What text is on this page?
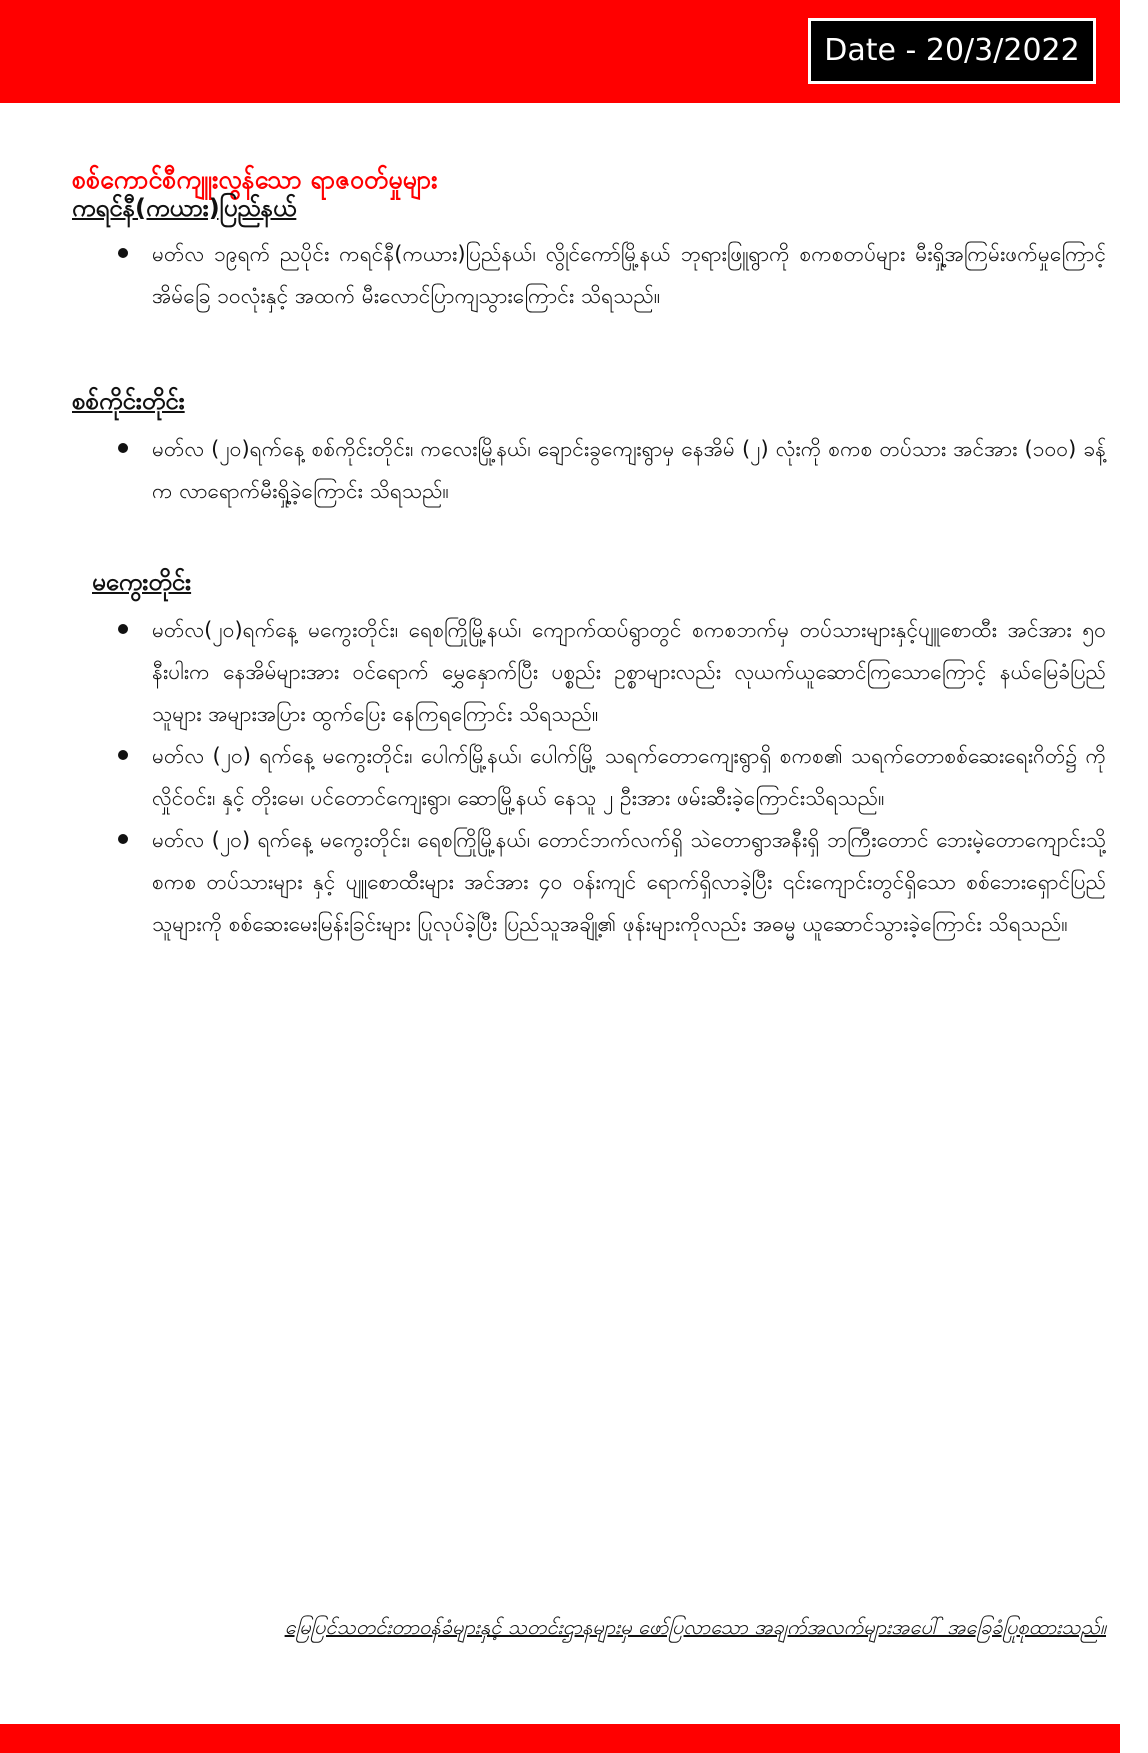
Date - 20/3/2022
စစ်ကောင်စီကျူးလွန်သော ရာဇဝတ်မှုများ
ကရင်နီ(ကယား)ပြည်နယ်
မတ်လ ၁၉ရက် ညပိုင်း ကရင်နီ(ကယား)ပြည်နယ်၊ လွိုင်ကော်မြို့နယ် ဘုရားဖြူရွာကို စကစတပ်များ မီးရှို့အကြမ်းဖက်မှုကြောင့် အိမ်ခြေ ၁၀လုံးနှင့် အထက် မီးလောင်ပြာကျသွားကြောင်း သိရသည်။
စစ်ကိုင်းတိုင်း
မတ်လ (၂၀)ရက်နေ့ စစ်ကိုင်းတိုင်း၊ ကလေးမြို့နယ်၊ ချောင်းခွကျေးရွာမှ နေအိမ် (၂) လုံးကို စကစ တပ်သား အင်အား (၁၀၀) ခန့်က လာရောက်မီးရှို့ခဲ့ကြောင်း သိရသည်။
မကွေးတိုင်း
မတ်လ(၂၀)ရက်နေ့ မကွေးတိုင်း၊ ရေစကြိုမြို့နယ်၊ ကျောက်ထပ်ရွာတွင် စကစဘက်မှ တပ်သားများနှင့်ပျူစောထီး အင်အား ၅၀ နီးပါးက နေအိမ်များအား ဝင်ရောက် မွှေနှောက်ပြီး ပစ္စည်း ဥစ္စာများလည်း လုယက်ယူဆောင်ကြသောကြောင့် နယ်မြေခံပြည်သူများ အများအပြား ထွက်ပြေး နေကြရကြောင်း သိရသည်။
မတ်လ (၂၀) ရက်နေ့ မကွေးတိုင်း၊ ပေါက်မြို့နယ်၊ ပေါက်မြို့ သရက်တောကျေးရွာရှိ စကစ၏ သရက်တောစစ်ဆေးရေးဂိတ်၌ ကိုလှိုင်ဝင်း၊ နှင့် တိုးမေ၊ ပင်တောင်ကျေးရွာ၊ ဆောမြို့နယ် နေသူ ၂ ဦးအား ဖမ်းဆီးခဲ့ကြောင်းသိရသည်။
မတ်လ (၂၀) ရက်နေ့ မကွေးတိုင်း၊ ရေစကြိုမြို့နယ်၊ တောင်ဘက်လက်ရှိ သဲတောရွာအနီးရှိ ဘကြီးတောင် ဘေးမဲ့တောကျောင်းသို့ စကစ တပ်သားများ နှင့် ပျူစောထီးများ အင်အား ၄၀ ဝန်းကျင် ရောက်ရှိလာခဲ့ပြီး ၎င်းကျောင်းတွင်ရှိသော စစ်ဘေးရှောင်ပြည်သူများကို စစ်ဆေးမေးမြန်းခြင်းများ ပြုလုပ်ခဲ့ပြီး ပြည်သူအချို့၏ ဖုန်းများကိုလည်း အဓမ္မ ယူဆောင်သွားခဲ့ကြောင်း သိရသည်။

မြေပြင်သတင်းတာဝန်ခံများနှင့် သတင်းဌာနများမှ ဖော်ပြလာသော အချက်အလက်များအပေါ် အခြေခံပြုစုထားသည်။
